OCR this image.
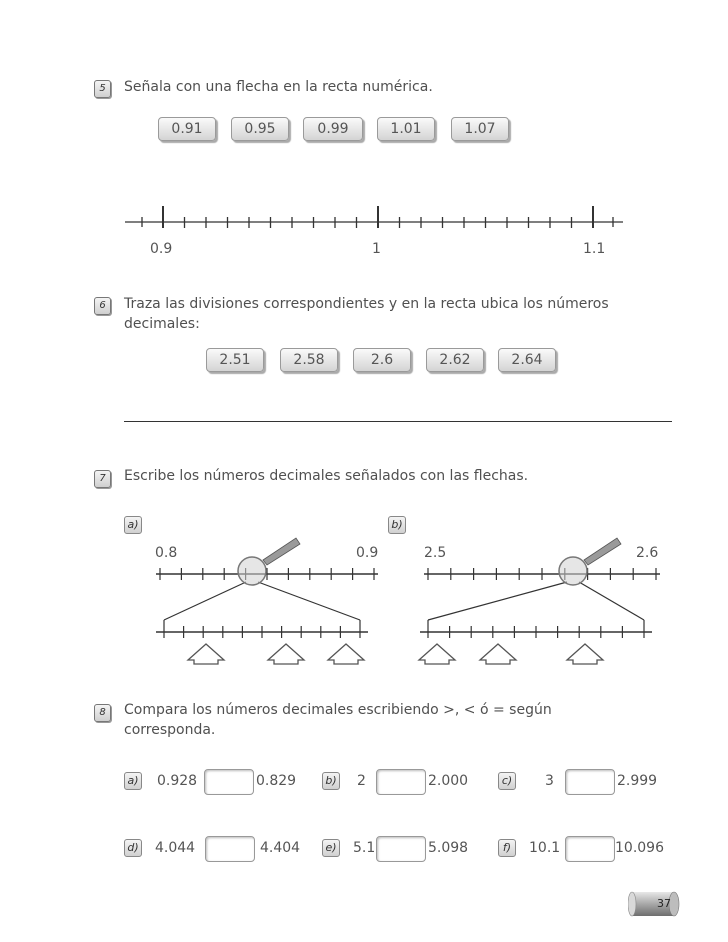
5	Señala con una flecha en la recta numérica.
0.91	0.95	0.99	1.01	1.07
0.9	1	1.1
6	Traza las divisiones correspondientes y en la recta ubica los números
decimales:
2.51	2.58	2.6	2.62	2.64
7	Escribe los números decimales señalados con las flechas.
a)	b)
0.8	0.9	2.5	2.6
8	Compara los números decimales escribiendo >, < ó = según
corresponda.
a) 0.928	0.829	b) 2	2.000	c) 3	2.999
d) 4.044	4.404	e) 5.1	5.098	f)	10.1	10.096
37
